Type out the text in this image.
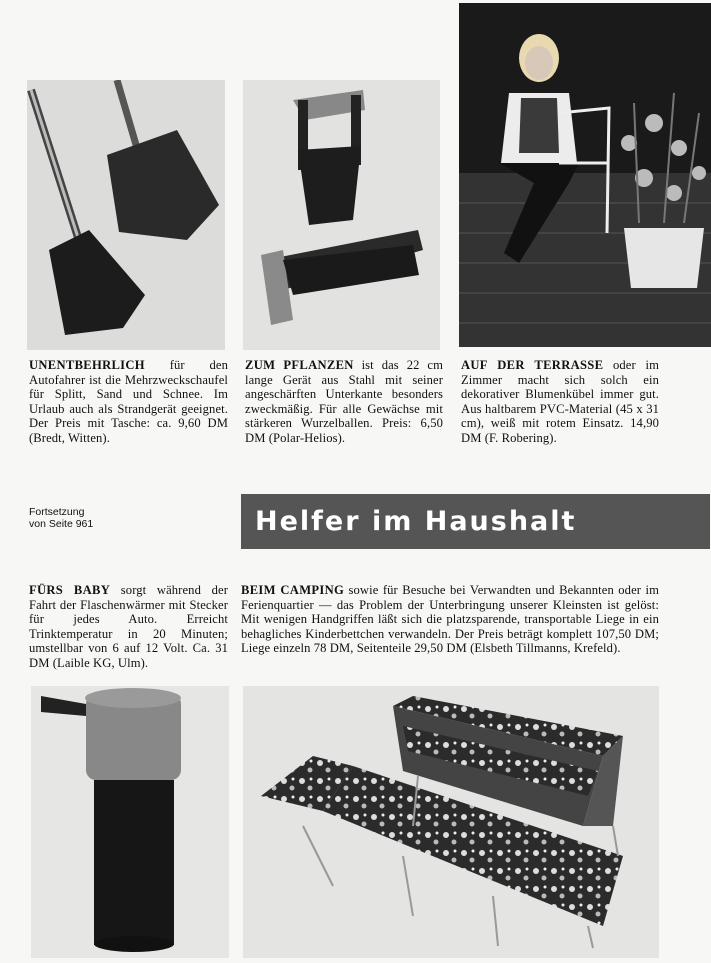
UNENTBEHRLICH für den Autofahrer ist die Mehrzweckschaufel für Splitt, Sand und Schnee. Im Urlaub auch als Strandgerät geeignet. Der Preis mit Tasche: ca. 9,60 DM (Bredt, Witten).
ZUM PFLANZEN ist das 22 cm lange Gerät aus Stahl mit seiner angeschärften Unterkante besonders zweckmäßig. Für alle Gewächse mit stärkeren Wurzelballen. Preis: 6,50 DM (Polar-Helios).
AUF DER TERRASSE oder im Zimmer macht sich solch ein dekorativer Blumenkübel immer gut. Aus haltbarem PVC-Material (45 x 31 cm), weiß mit rotem Einsatz. 14,90 DM (F. Robering).
Fortsetzung
von Seite 961	Helfer im Haushalt
FÜRS BABY sorgt während der Fahrt der Flaschenwärmer mit Stecker für jedes Auto. Erreicht Trinktemperatur in 20 Minuten; umstellbar von 6 auf 12 Volt. Ca. 31 DM (Laible KG, Ulm).
BEIM CAMPING sowie für Besuche bei Verwandten und Bekannten oder im Ferienquartier — das Problem der Unterbringung unserer Kleinsten ist gelöst: Mit wenigen Handgriffen läßt sich die platzsparende, transportable Liege in ein behagliches Kinderbettchen verwandeln. Der Preis beträgt komplett 107,50 DM; Liege einzeln 78 DM, Seitenteile 29,50 DM (Elsbeth Tillmanns, Krefeld).
